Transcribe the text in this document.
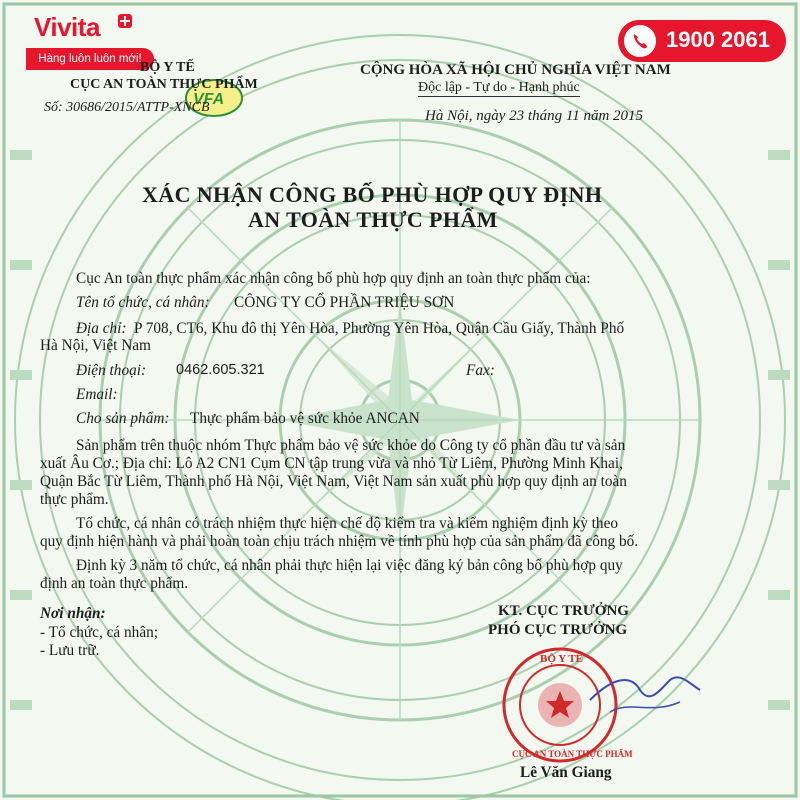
BỘ Y TẾ
CỤC AN TOÀN THỰC PHẨM
VFA
Vivita
Hàng luôn luôn mới!
1900 2061
BỘ Y TẾ
CỤC AN TOÀN THỰC PHẨM
Số: 30686/2015/ATTP-XNCB
CỘNG HÒA XÃ HỘI CHỦ NGHĨA VIỆT NAM
Độc lập - Tự do - Hạnh phúc
Hà Nội, ngày 23 tháng 11 năm 2015
XÁC NHẬN CÔNG BỐ PHÙ HỢP QUY ĐỊNH
AN TOÀN THỰC PHẨM
Cục An toàn thực phẩm xác nhận công bố phù hợp quy định an toàn thực phẩm của:
Tên tổ chức, cá nhân: CÔNG TY CỔ PHẦN TRIỆU SƠN
Địa chỉ: P 708, CT6, Khu đô thị Yên Hòa, Phường Yên Hòa, Quận Cầu Giấy, Thành Phố
Hà Nội, Việt Nam
Điện thoại: 0462.605.321	Fax:
Email:
Cho sản phẩm: Thực phẩm bảo vệ sức khỏe ANCAN
Sản phẩm trên thuộc nhóm Thực phẩm bảo vệ sức khỏe do Công ty cổ phần đầu tư và sản
xuất Âu Cơ.; Địa chỉ: Lô A2 CN1 Cụm CN tập trung vừa và nhỏ Từ Liêm, Phường Minh Khai,
Quận Bắc Từ Liêm, Thành phố Hà Nội, Việt Nam, Việt Nam sản xuất phù hợp quy định an toàn
thực phẩm.
Tổ chức, cá nhân có trách nhiệm thực hiện chế độ kiểm tra và kiểm nghiệm định kỳ theo
quy định hiện hành và phải hoàn toàn chịu trách nhiệm về tính phù hợp của sản phẩm đã công bố.
Định kỳ 3 năm tổ chức, cá nhân phải thực hiện lại việc đăng ký bản công bố phù hợp quy
định an toàn thực phẩm.
Nơi nhận:
- Tổ chức, cá nhân;
- Lưu trữ.
KT. CỤC TRƯỞNG
PHÓ CỤC TRƯỞNG
Lê Văn Giang
